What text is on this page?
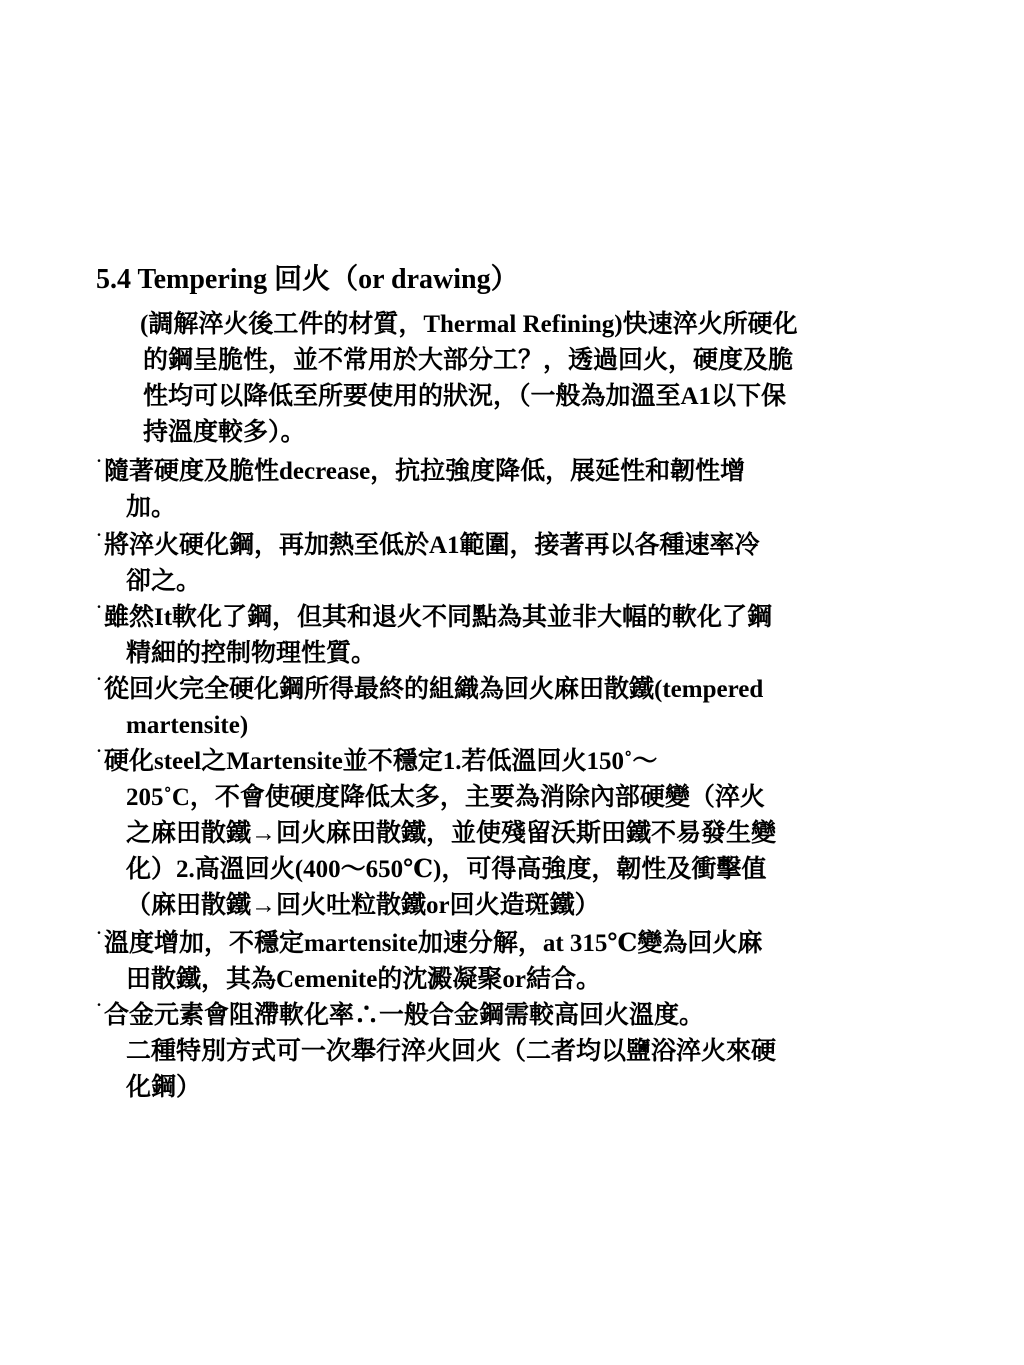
5.4 Tempering 回火（or drawing）
(調解淬火後工件的材質，Thermal Refining)快速淬火所硬化
的鋼呈脆性，並不常用於大部分工？，透過回火，硬度及脆
性均可以降低至所要使用的狀況，（一般為加溫至A1以下保
持溫度較多）。
˙隨著硬度及脆性decrease，抗拉強度降低，展延性和韌性增
加。
˙將淬火硬化鋼，再加熱至低於A1範圍，接著再以各種速率冷
卻之。
˙雖然It軟化了鋼，但其和退火不同點為其並非大幅的軟化了鋼
精細的控制物理性質。
˙從回火完全硬化鋼所得最終的組織為回火麻田散鐵(tempered
martensite)
˙硬化steel之Martensite並不穩定1.若低溫回火150˚～
205˚C，不會使硬度降低太多，主要為消除內部硬變（淬火
之麻田散鐵→回火麻田散鐵，並使殘留沃斯田鐵不易發生變
化）2.高溫回火(400～650℃)，可得高強度，韌性及衝擊值
（麻田散鐵→回火吐粒散鐵or回火造斑鐵）
˙溫度增加，不穩定martensite加速分解，at 315℃變為回火麻
田散鐵，其為Cemenite的沈澱凝聚or結合。
˙合金元素會阻滯軟化率∴一般合金鋼需較高回火溫度。
二種特別方式可一次舉行淬火回火（二者均以鹽浴淬火來硬
化鋼）
